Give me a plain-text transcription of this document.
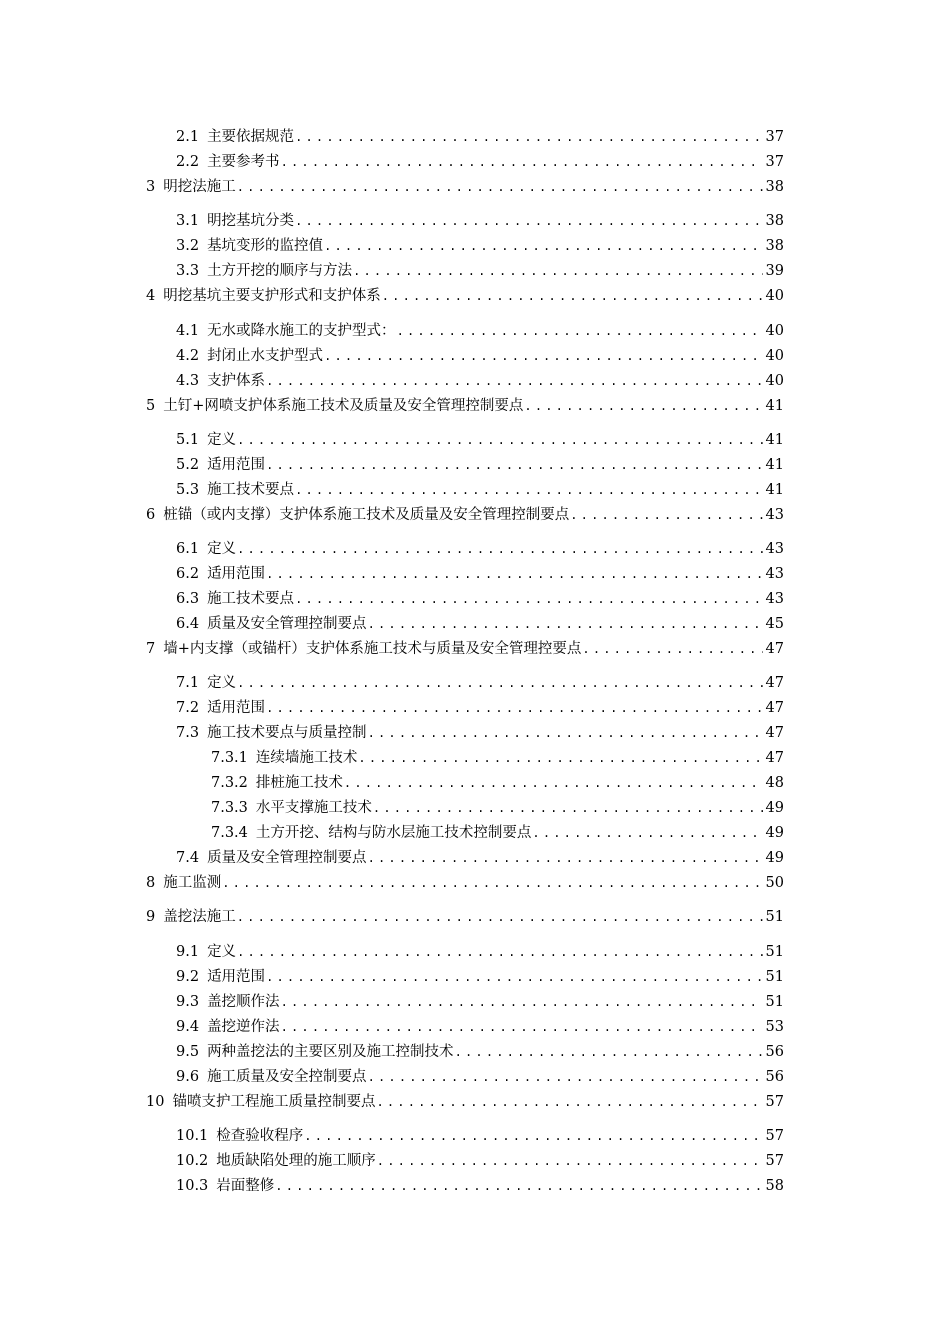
2.1 主要依据规范 .....	37
2.2 主要参考书 .....	37
3 明挖法施工 .....	38
3.1 明挖基坑分类 .....	38
3.2 基坑变形的监控值 .....	38
3.3 土方开挖的顺序与方法 .....	39
4 明挖基坑主要支护形式和支护体系 .....	40
4.1 无水或降水施工的支护型式： .....	40
4.2 封闭止水支护型式 .....	40
4.3 支护体系 .....	40
5 土钉+网喷支护体系施工技术及质量及安全管理控制要点 .....	41
5.1 定义 .....	41
5.2 适用范围 .....	41
5.3 施工技术要点 .....	41
6 桩锚（或内支撑）支护体系施工技术及质量及安全管理控制要点 .....	43
6.1 定义 .....	43
6.2 适用范围 .....	43
6.3 施工技术要点 .....	43
6.4 质量及安全管理控制要点 .....	45
7 墙+内支撑（或锚杆）支护体系施工技术与质量及安全管理控要点 .....	47
7.1 定义 .....	47
7.2 适用范围 .....	47
7.3 施工技术要点与质量控制 .....	47
7.3.1 连续墙施工技术 .....	47
7.3.2 排桩施工技术 .....	48
7.3.3 水平支撑施工技术 .....	49
7.3.4 土方开挖、结构与防水层施工技术控制要点 .....	49
7.4 质量及安全管理控制要点 .....	49
8 施工监测 .....	50
9 盖挖法施工 .....	51
9.1 定义 .....	51
9.2 适用范围 .....	51
9.3 盖挖顺作法 .....	51
9.4 盖挖逆作法 .....	53
9.5 两种盖挖法的主要区别及施工控制技术 .....	56
9.6 施工质量及安全控制要点 .....	56
10 锚喷支护工程施工质量控制要点 .....	57
10.1 检查验收程序 .....	57
10.2 地质缺陷处理的施工顺序 .....	57
10.3 岩面整修 .....	58
